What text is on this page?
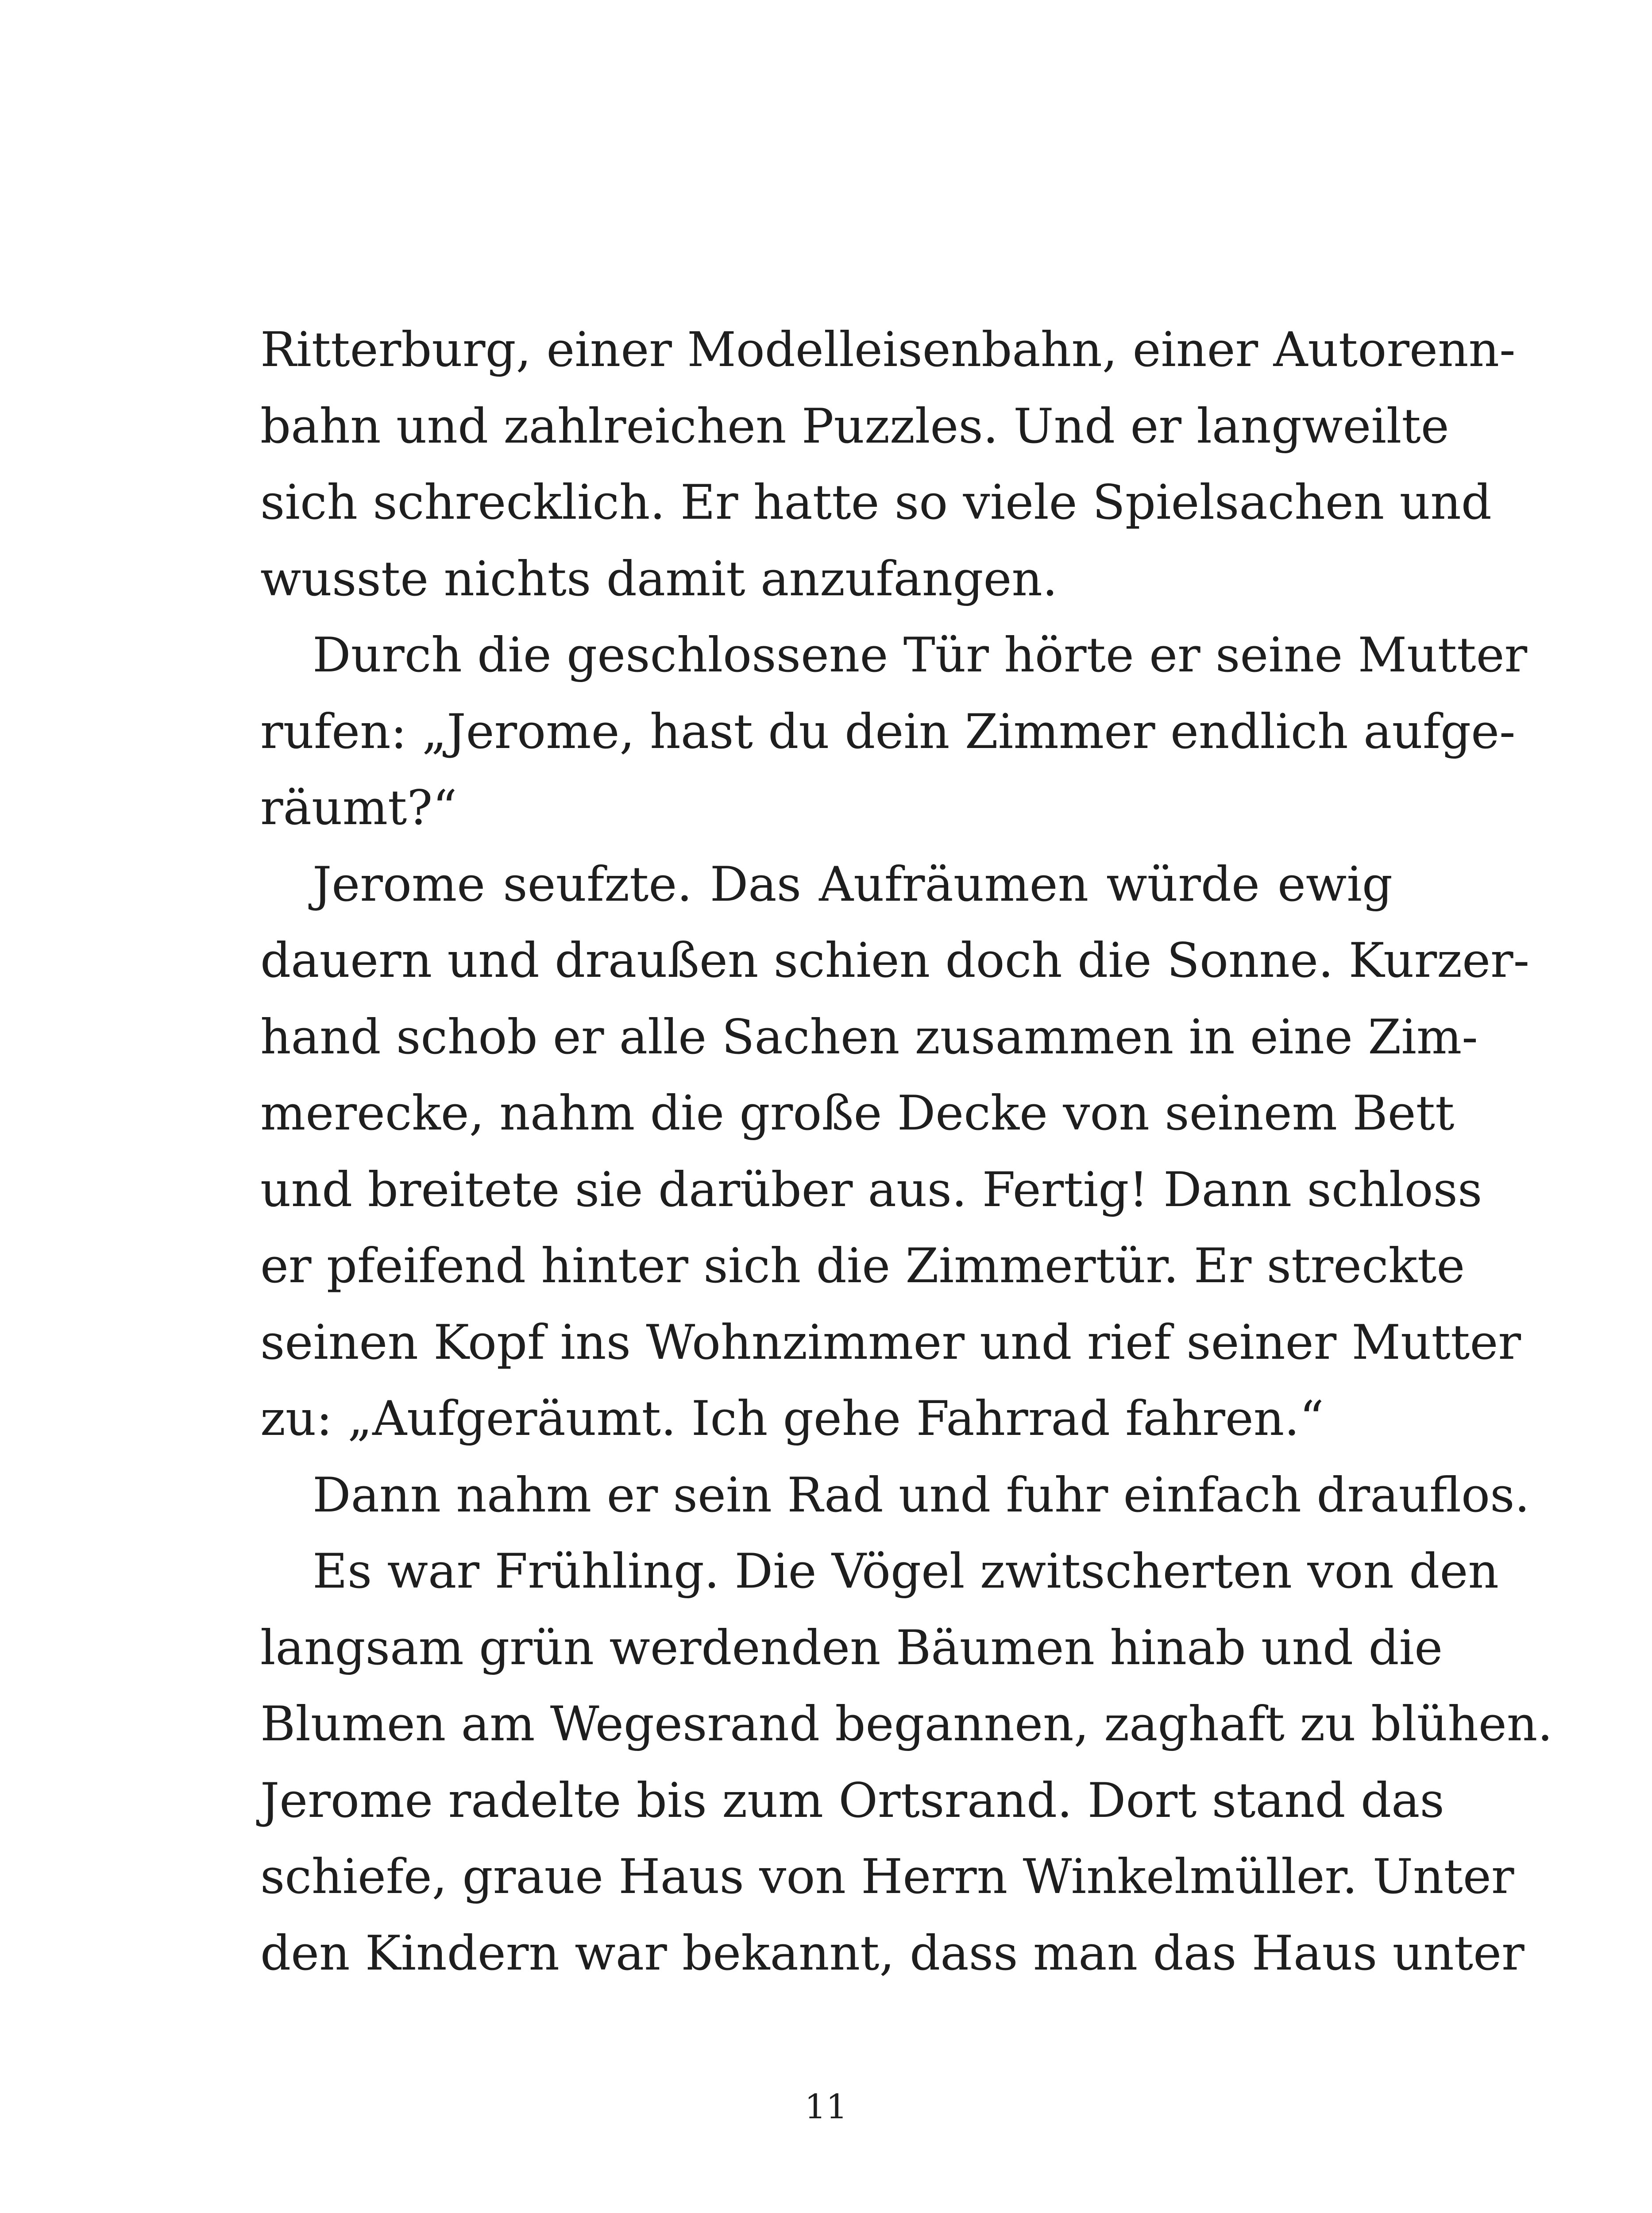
Ritterburg, einer Modelleisenbahn, einer Autorenn-
bahn und zahlreichen Puzzles. Und er langweilte
sich schrecklich. Er hatte so viele Spielsachen und
wusste nichts damit anzufangen.
Durch die geschlossene Tür hörte er seine Mutter
rufen: „Jerome, hast du dein Zimmer endlich aufge-
räumt?“
Jerome seufzte. Das Aufräumen würde ewig
dauern und draußen schien doch die Sonne. Kurzer-
hand schob er alle Sachen zusammen in eine Zim-
merecke, nahm die große Decke von seinem Bett
und breitete sie darüber aus. Fertig! Dann schloss
er pfeifend hinter sich die Zimmertür. Er streckte
seinen Kopf ins Wohnzimmer und rief seiner Mutter
zu: „Aufgeräumt. Ich gehe Fahrrad fahren.“
Dann nahm er sein Rad und fuhr einfach drauflos.
Es war Frühling. Die Vögel zwitscherten von den
langsam grün werdenden Bäumen hinab und die
Blumen am Wegesrand begannen, zaghaft zu blühen.
Jerome radelte bis zum Ortsrand. Dort stand das
schiefe, graue Haus von Herrn Winkelmüller. Unter
den Kindern war bekannt, dass man das Haus unter
11
